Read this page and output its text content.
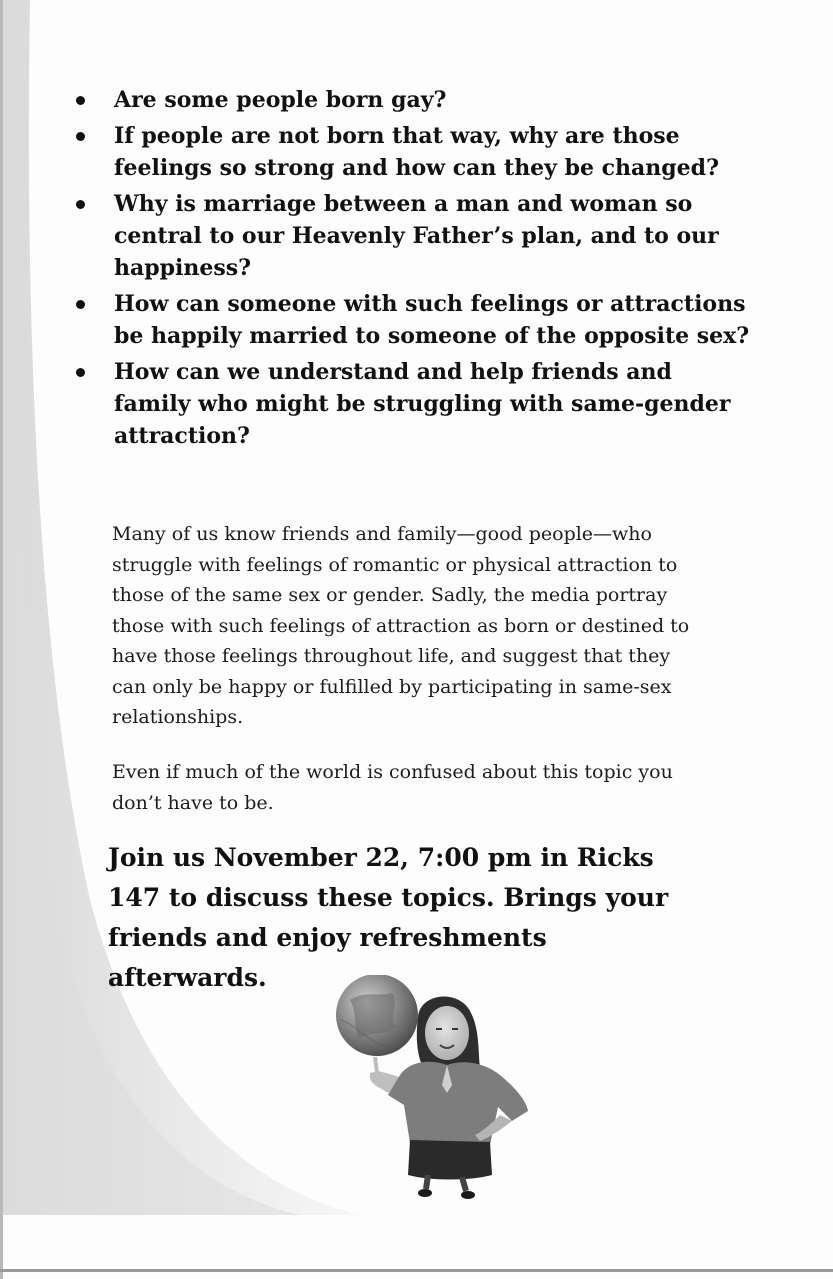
Are some people born gay?
If people are not born that way, why are those feelings so strong and how can they be changed?
Why is marriage between a man and woman so central to our Heavenly Father’s plan, and to our happiness?
How can someone with such feelings or attractions be happily married to someone of the opposite sex?
How can we understand and help friends and family who might be struggling with same-gender attraction?

Many of us know friends and family—good people—who struggle with feelings of romantic or physical attraction to those of the same sex or gender. Sadly, the media portray those with such feelings of attraction as born or destined to have those feelings throughout life, and suggest that they can only be happy or fulfilled by participating in same-sex relationships.

Even if much of the world is confused about this topic you don’t have to be.

Join us November 22, 7:00 pm in Ricks 147 to discuss these topics. Brings your friends and enjoy refreshments afterwards.
